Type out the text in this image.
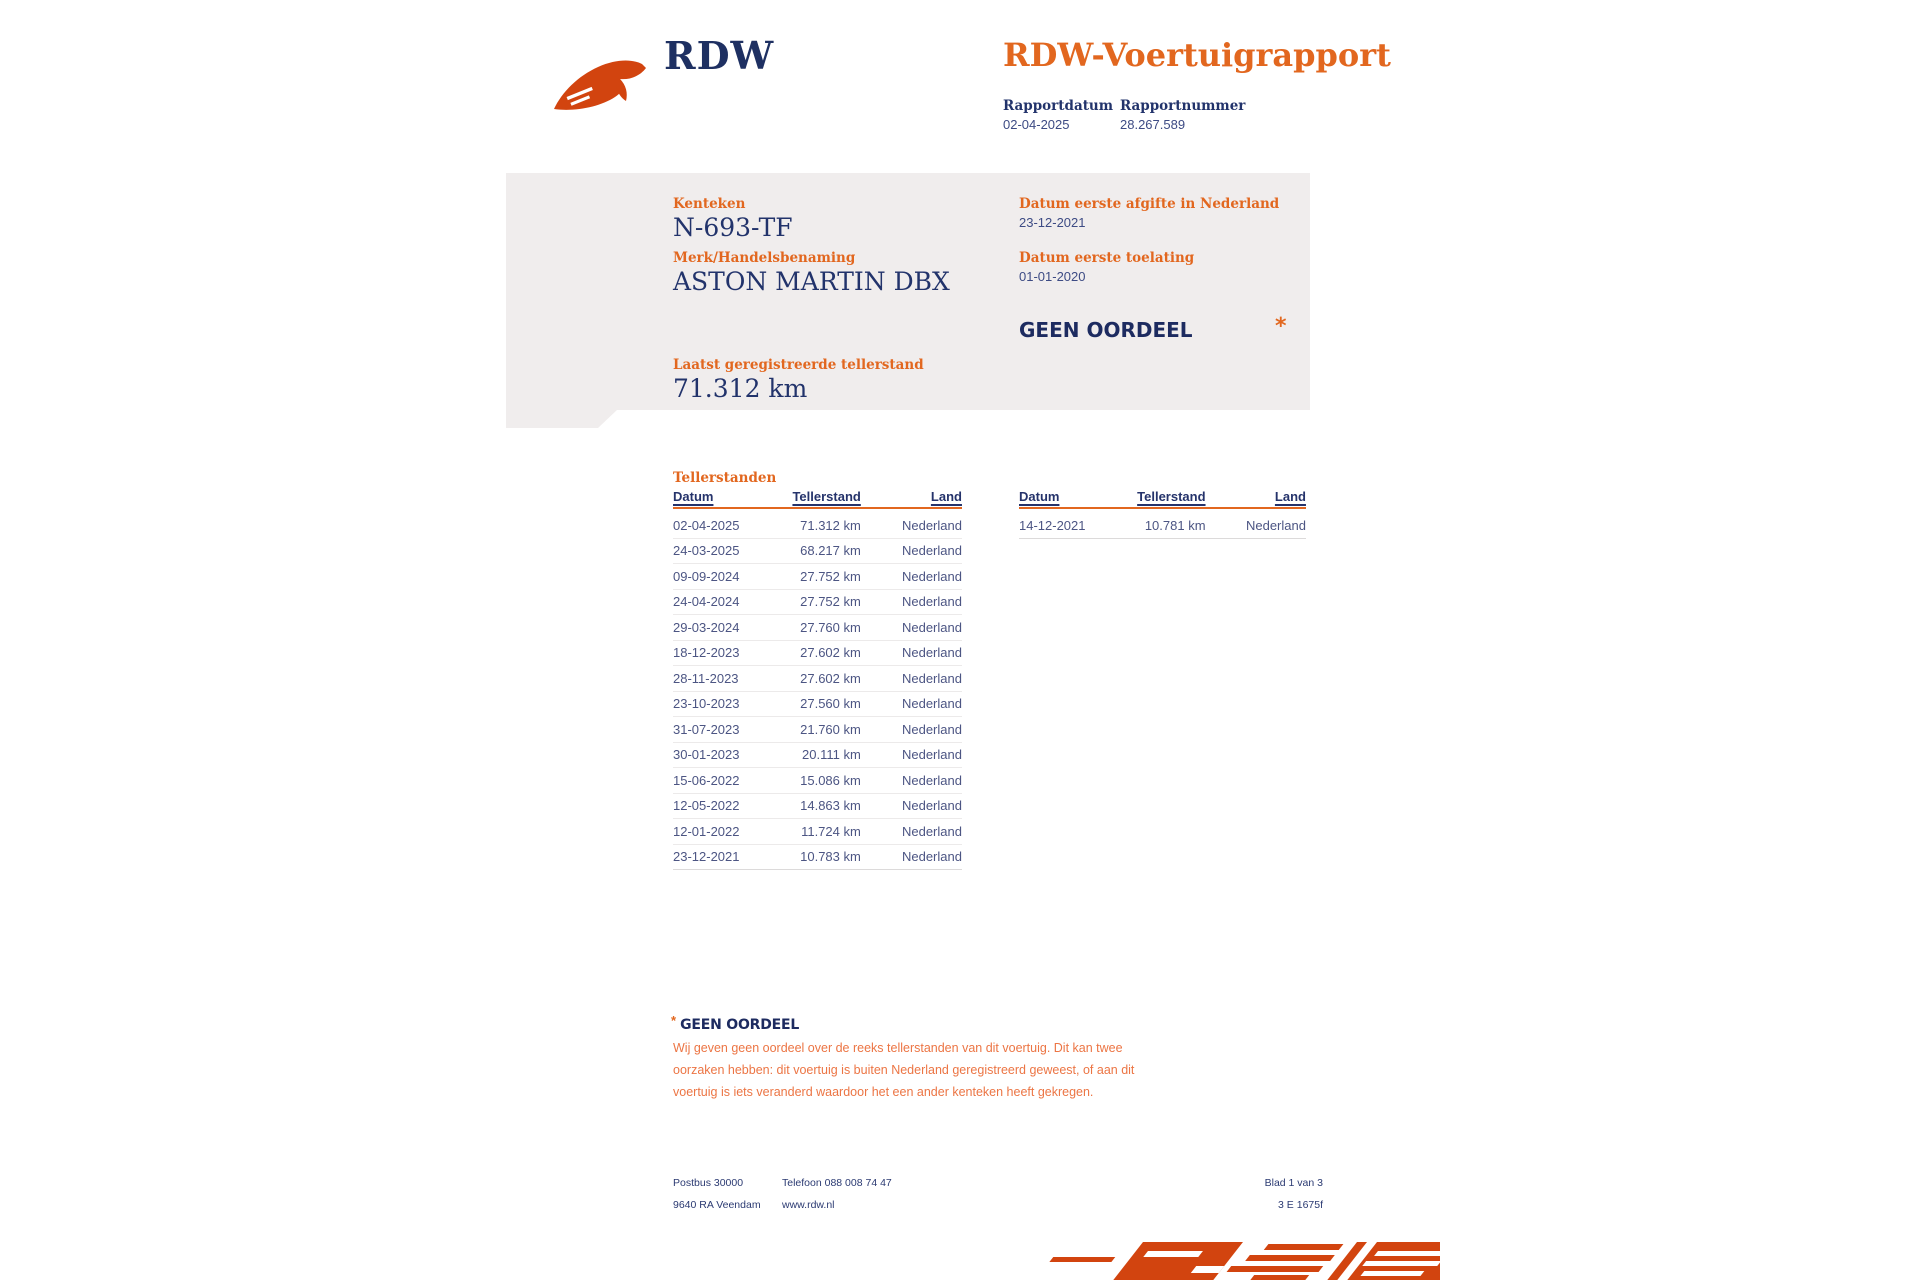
RDW	RDW-Voertuigrapport
Rapportdatum Rapportnummer
02-04-2025	28.267.589
Kenteken
N-693-TF
Merk/Handelsbenaming
ASTON MARTIN DBX
Laatst geregistreerde tellerstand
71.312 km
Datum eerste afgifte in Nederland
23-12-2021
Datum eerste toelating
01-01-2020
GEEN OORDEEL	*
Tellerstanden
Datum	Tellerstand	Land
02-04-2025	71.312 km	Nederland
24-03-2025	68.217 km	Nederland
09-09-2024	27.752 km	Nederland
24-04-2024	27.752 km	Nederland
29-03-2024	27.760 km	Nederland
18-12-2023	27.602 km	Nederland
28-11-2023	27.602 km	Nederland
23-10-2023	27.560 km	Nederland
31-07-2023	21.760 km	Nederland
30-01-2023	20.111 km	Nederland
15-06-2022	15.086 km	Nederland
12-05-2022	14.863 km	Nederland
12-01-2022	11.724 km	Nederland
23-12-2021	10.783 km	Nederland
Datum	Tellerstand	Land
14-12-2021	10.781 km	Nederland
* GEEN OORDEEL
Wij geven geen oordeel over de reeks tellerstanden van dit voertuig. Dit kan twee oorzaken hebben: dit voertuig is buiten Nederland geregistreerd geweest, of aan dit voertuig is iets veranderd waardoor het een ander kenteken heeft gekregen.
Postbus 30000
9640 RA Veendam
Telefoon 088 008 74 47
www.rdw.nl
Blad 1 van 3
3 E 1675f
